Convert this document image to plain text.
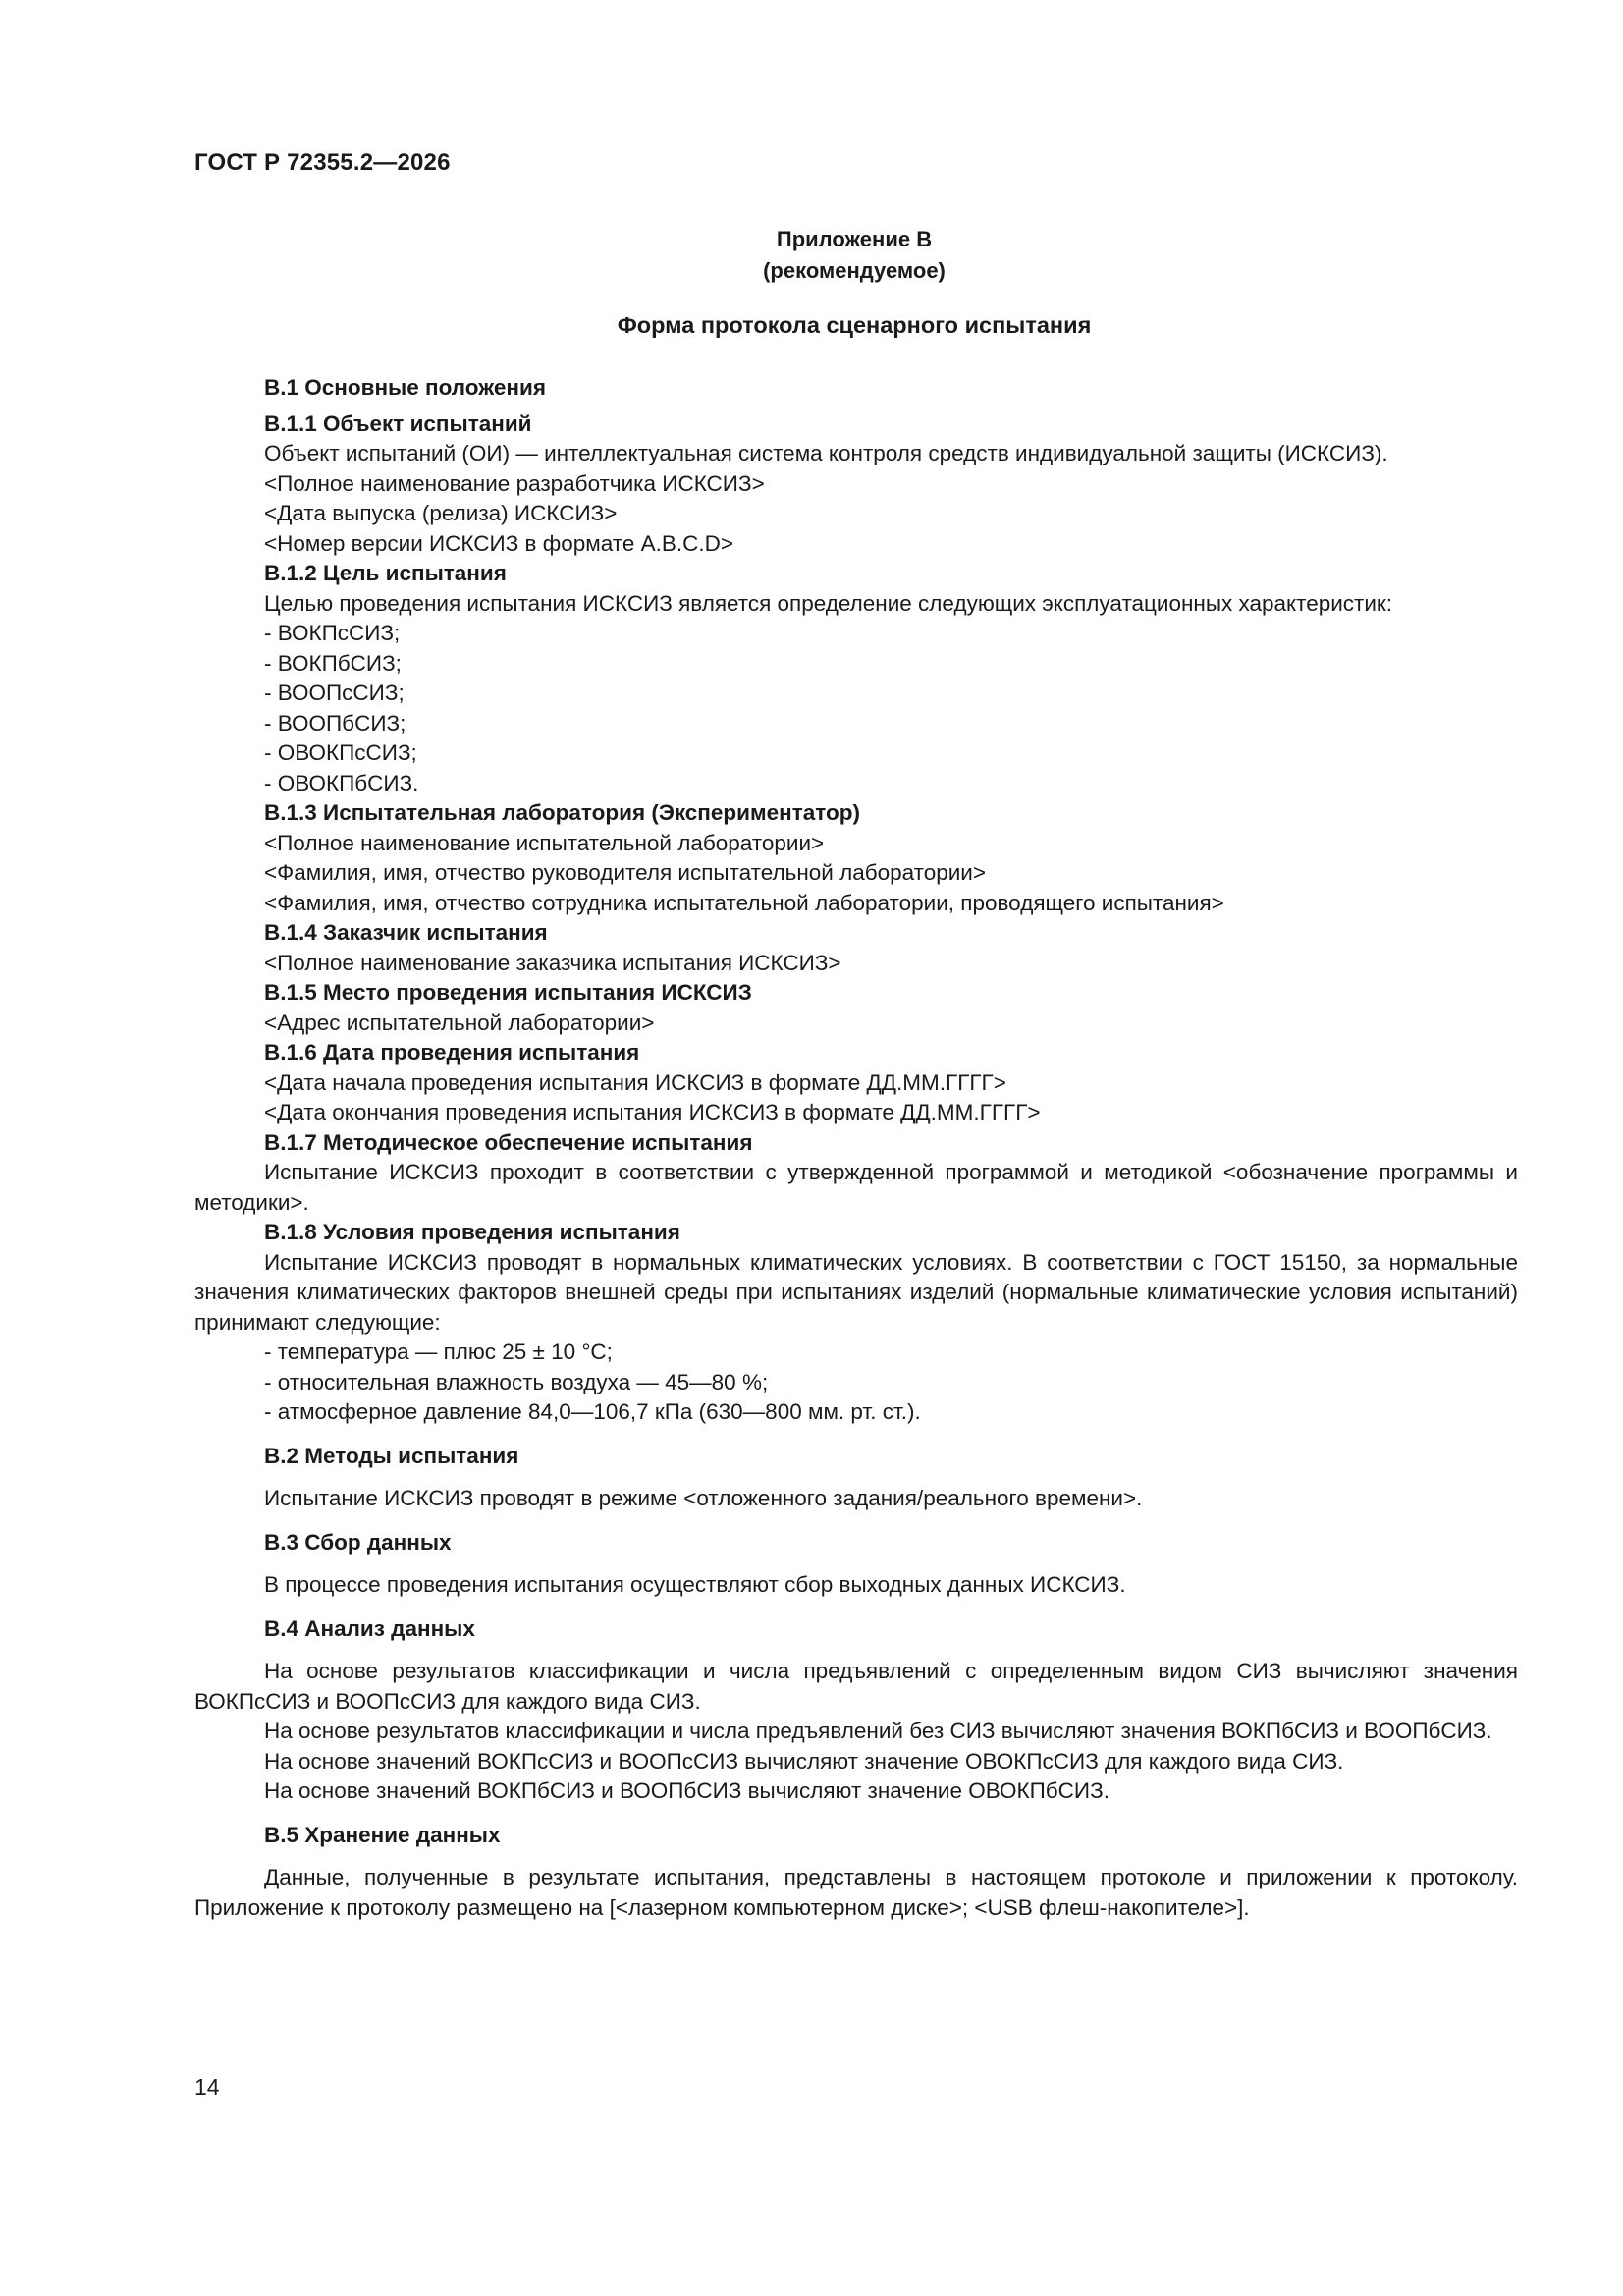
ГОСТ Р 72355.2—2026
Приложение В
(рекомендуемое)
Форма протокола сценарного испытания

В.1 Основные положения

В.1.1 Объект испытаний

Объект испытаний (ОИ) — интеллектуальная система контроля средств индивидуальной защиты (ИСКСИЗ).

<Полное наименование разработчика ИСКСИЗ>

<Дата выпуска (релиза) ИСКСИЗ>

<Номер версии ИСКСИЗ в формате A.B.C.D>

В.1.2 Цель испытания

Целью проведения испытания ИСКСИЗ является определение следующих эксплуатационных характеристик:

- ВОКПсСИЗ;

- ВОКПбСИЗ;

- ВООПсСИЗ;

- ВООПбСИЗ;

- ОВОКПсСИЗ;

- ОВОКПбСИЗ.

В.1.3 Испытательная лаборатория (Экспериментатор)

<Полное наименование испытательной лаборатории>

<Фамилия, имя, отчество руководителя испытательной лаборатории>

<Фамилия, имя, отчество сотрудника испытательной лаборатории, проводящего испытания>

В.1.4 Заказчик испытания

<Полное наименование заказчика испытания ИСКСИЗ>

В.1.5 Место проведения испытания ИСКСИЗ

<Адрес испытательной лаборатории>

В.1.6 Дата проведения испытания

<Дата начала проведения испытания ИСКСИЗ в формате ДД.ММ.ГГГГ>

<Дата окончания проведения испытания ИСКСИЗ в формате ДД.ММ.ГГГГ>

В.1.7 Методическое обеспечение испытания

Испытание ИСКСИЗ проходит в соответствии с утвержденной программой и методикой <обозначение программы и методики>.

В.1.8 Условия проведения испытания

Испытание ИСКСИЗ проводят в нормальных климатических условиях. В соответствии с ГОСТ 15150, за нормальные значения климатических факторов внешней среды при испытаниях изделий (нормальные климатические условия испытаний) принимают следующие:

- температура — плюс 25 ± 10 °С;

- относительная влажность воздуха — 45—80 %;

- атмосферное давление 84,0—106,7 кПа (630—800 мм. рт. ст.).

В.2 Методы испытания

Испытание ИСКСИЗ проводят в режиме <отложенного задания/реального времени>.

В.3 Сбор данных

В процессе проведения испытания осуществляют сбор выходных данных ИСКСИЗ.

В.4 Анализ данных

На основе результатов классификации и числа предъявлений с определенным видом СИЗ вычисляют значения ВОКПсСИЗ и ВООПсСИЗ для каждого вида СИЗ.

На основе результатов классификации и числа предъявлений без СИЗ вычисляют значения ВОКПбСИЗ и ВООПбСИЗ.

На основе значений ВОКПсСИЗ и ВООПсСИЗ вычисляют значение ОВОКПсСИЗ для каждого вида СИЗ.

На основе значений ВОКПбСИЗ и ВООПбСИЗ вычисляют значение ОВОКПбСИЗ.

В.5 Хранение данных

Данные, полученные в результате испытания, представлены в настоящем протоколе и приложении к протоколу. Приложение к протоколу размещено на [<лазерном компьютерном диске>; <USB флеш-накопителе>].

14
